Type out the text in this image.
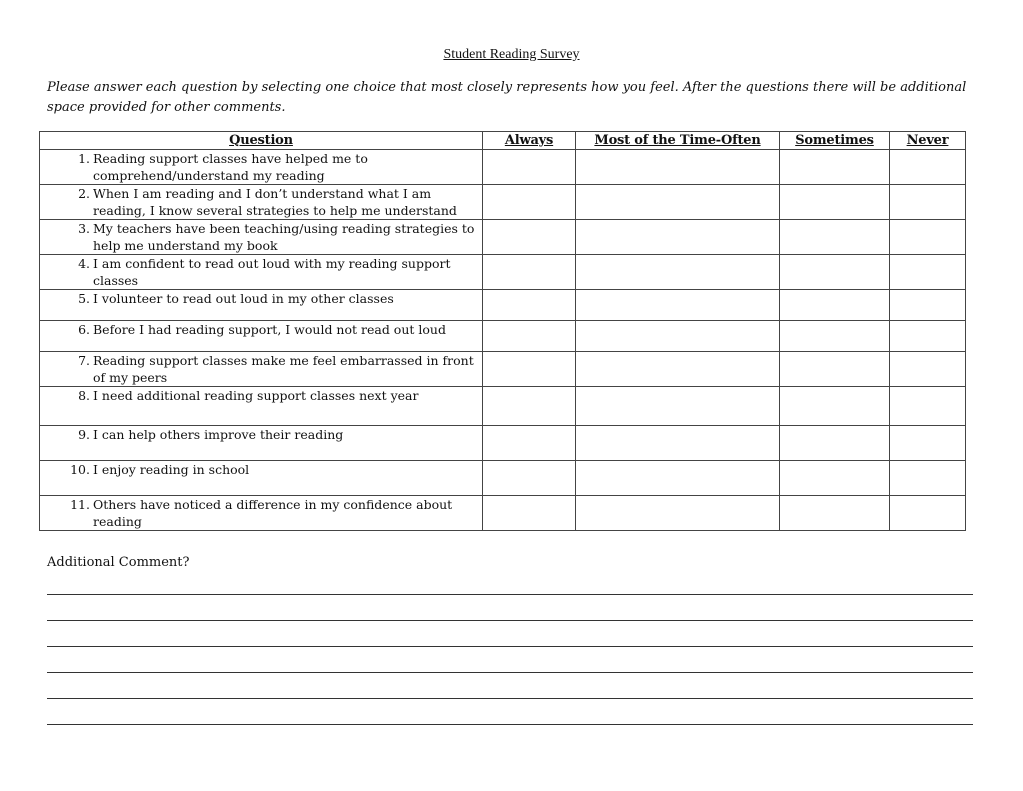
Student Reading Survey

Please answer each question by selecting one choice that most closely represents how you feel. After the questions there will be additional space provided for other comments.

Question	Always	Most of the Time-Often	Sometimes	Never

1. Reading support classes have helped me to comprehend/understand my reading				

2. When I am reading and I don’t understand what I am reading, I know several strategies to help me understand				

3. My teachers have been teaching/using reading strategies to help me understand my book				

4. I am confident to read out loud with my reading support classes				

5. I volunteer to read out loud in my other classes				

6. Before I had reading support, I would not read out loud				

7. Reading support classes make me feel embarrassed in front of my peers				

8. I need additional reading support classes next year				

9. I can help others improve their reading				

10. I enjoy reading in school				

11. Others have noticed a difference in my confidence about reading				

Additional Comment?
